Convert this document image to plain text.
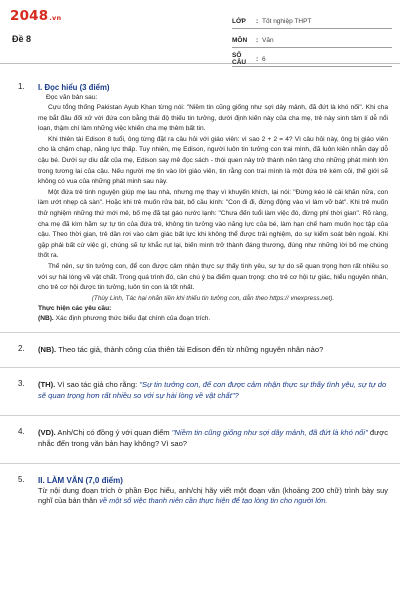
2048.vn
Đề 8
LỚP	: Tốt nghiệp THPT
MÔN	: Văn
SỐ CÂU	: 6
1. I. Đọc hiểu (3 điểm)
Đọc văn bản sau:

Cựu tổng thống Pakistan Ayub Khan từng nói: "Niềm tin cũng giống như sợi dây mảnh, đã đứt là khó nối". Khi cha mẹ bắt đầu đối xử với đứa con bằng thái độ thiếu tin tưởng, dưới định kiến này của cha mẹ, trẻ này sinh tâm lí dễ nổi loạn, thậm chí làm những việc khiến cha mẹ thêm bất tin.

Khi thiên tài Edison 8 tuổi, ông từng đặt ra câu hỏi với giáo viên: vì sao 2 + 2 = 4? Vì câu hỏi này, ông bị giáo viên cho là chậm chạp, năng lực thấp. Tuy nhiên, mẹ Edison, người luôn tin tưởng con trai mình, đã luôn kiên nhẫn dạy dỗ cậu bé. Dưới sự dìu dắt của mẹ, Edison say mê đọc sách - thói quen này trở thành nền tảng cho những phát minh lớn trong tương lai của cậu. Nếu người mẹ tin vào lời giáo viên, tin rằng con trai mình là một đứa trẻ kém cỏi, thế giới sẽ không có vua của những phát minh sau này.

Một đứa trẻ tinh nguyện giúp mẹ lau nhà, nhưng mẹ thay vì khuyến khích, lại nói: "Đừng kéo lê cái khăn nữa, con làm ướt nhẹp cả sàn". Hoặc khi trẻ muốn rửa bát, bố cầu kính: "Con đi đi, đừng động vào vì làm vỡ bát". Khi trẻ muốn thử nghiệm những thứ mới mẻ, bố mẹ đã tạt gáo nước lạnh: "Chưa đến tuổi làm việc đó, đừng phí thời gian". Rõ ràng, cha mẹ đã kìm hãm sự tự tin của đứa trẻ, không tin tưởng vào năng lực của bé, làm hạn chế ham muốn học tập của cậu. Theo thời gian, trẻ dần rơi vào cảm giác bất lực khi không thể được trải nghiệm, do sự kiểm soát bên ngoài. Khi gặp phải bất cứ việc gì, chúng sẽ tự khắc rụt lại, biến mình trở thành đáng thương, đúng như những lời bố mẹ chúng thốt ra.

Thế nên, sự tin tưởng con, để con được cảm nhận thực sự thấy tình yêu, sự tự do sẽ quan trọng hơn rất nhiều so với sự hài lòng về vật chất. Trong quá trình đó, cần chú ý ba điểm quan trọng: cho trẻ cơ hội tự giác, hiểu nguyên nhân, cho trẻ cơ hội được tin tưởng, luôn tin con là tốt nhất.

(Thùy Linh, Tác hại nhãn tiền khi thiếu tin tưởng con, dẫn theo https:// vnexpress.net).
Thực hiện các yêu cầu:
(NB). Xác định phương thức biểu đạt chính của đoạn trích.
2. (NB). Theo tác giả, thành công của thiên tài Edison đến từ những nguyên nhân nào?
3. (TH). Vì sao tác giả cho rằng: "Sự tin tưởng con, để con được cảm nhận thực sự thấy tình yêu, sự tự do sẽ quan trọng hơn rất nhiều so với sự hài lòng về vật chất"?
4. (VD). Anh/Chị có đồng ý với quan điểm "Niềm tin cũng giống như sợi dây mảnh, đã đứt là khó nối" được nhắc đến trong văn bản hay không? Vì sao?
5. II. LÀM VĂN (7,0 điểm)
Từ nội dung đoạn trích ở phần Đọc hiểu, anh/chị hãy viết một đoạn văn (khoảng 200 chữ) trình bày suy nghĩ của bản thân về một số việc thanh niên cần thực hiện để tạo lòng tin cho người lớn.
